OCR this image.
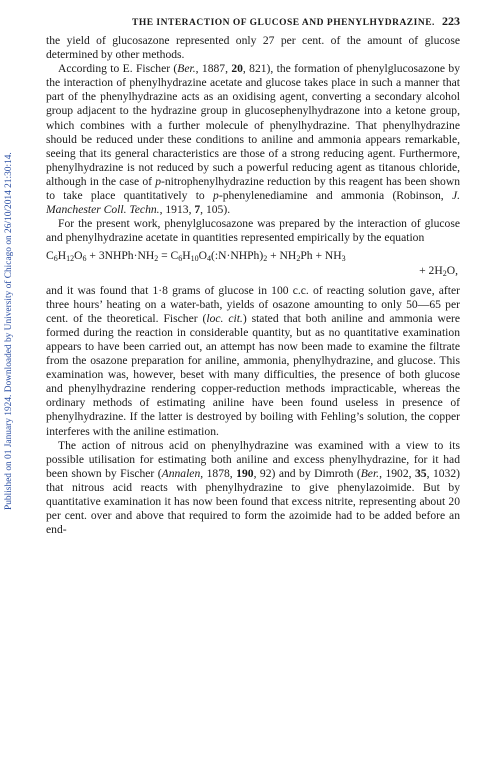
Published on 01 January 1924. Downloaded by University of Chicago on 26/10/2014 21:30:14.
THE INTERACTION OF GLUCOSE AND PHENYLHYDRAZINE. 223

the yield of glucosazone represented only 27 per cent. of the amount of glucose determined by other methods.

According to E. Fischer (Ber., 1887, 20, 821), the formation of phenylglucosazone by the interaction of phenylhydrazine acetate and glucose takes place in such a manner that part of the phenylhydrazine acts as an oxidising agent, converting a secondary alcohol group adjacent to the hydrazine group in glucosephenylhydrazone into a ketone group, which combines with a further molecule of phenylhydrazine. That phenylhydrazine should be reduced under these conditions to aniline and ammonia appears remarkable, seeing that its general characteristics are those of a strong reducing agent. Furthermore, phenylhydrazine is not reduced by such a powerful reducing agent as titanous chloride, although in the case of p-nitrophenylhydrazine reduction by this reagent has been shown to take place quantitatively to p-phenylenediamine and ammonia (Robinson, J. Manchester Coll. Techn., 1913, 7, 105).

For the present work, phenylglucosazone was prepared by the interaction of glucose and phenylhydrazine acetate in quantities represented empirically by the equation

$C_6H_{12}O_6$ + $3NHPh\cdot NH_2$ = $C_6H_{10}O_4(:N\cdot NHPh)_2 + NH_2Ph + NH_3$
+ $2H_2O$,

and it was found that 1·8 grams of glucose in 100 c.c. of reacting solution gave, after three hours’ heating on a water-bath, yields of osazone amounting to only 50—65 per cent. of the theoretical. Fischer (loc. cit.) stated that both aniline and ammonia were formed during the reaction in considerable quantity, but as no quantitative examination appears to have been carried out, an attempt has now been made to examine the filtrate from the osazone preparation for aniline, ammonia, phenylhydrazine, and glucose. This examination was, however, beset with many difficulties, the presence of both glucose and phenylhydrazine rendering copper-reduction methods impracticable, whereas the ordinary methods of estimating aniline have been found useless in presence of phenylhydrazine. If the latter is destroyed by boiling with Fehling’s solution, the copper interferes with the aniline estimation.

The action of nitrous acid on phenylhydrazine was examined with a view to its possible utilisation for estimating both aniline and excess phenylhydrazine, for it had been shown by Fischer (Annalen, 1878, 190, 92) and by Dimroth (Ber., 1902, 35, 1032) that nitrous acid reacts with phenylhydrazine to give phenylazoimide. But by quantitative examination it has now been found that excess nitrite, representing about 20 per cent. over and above that required to form the azoimide had to be added before an end-
